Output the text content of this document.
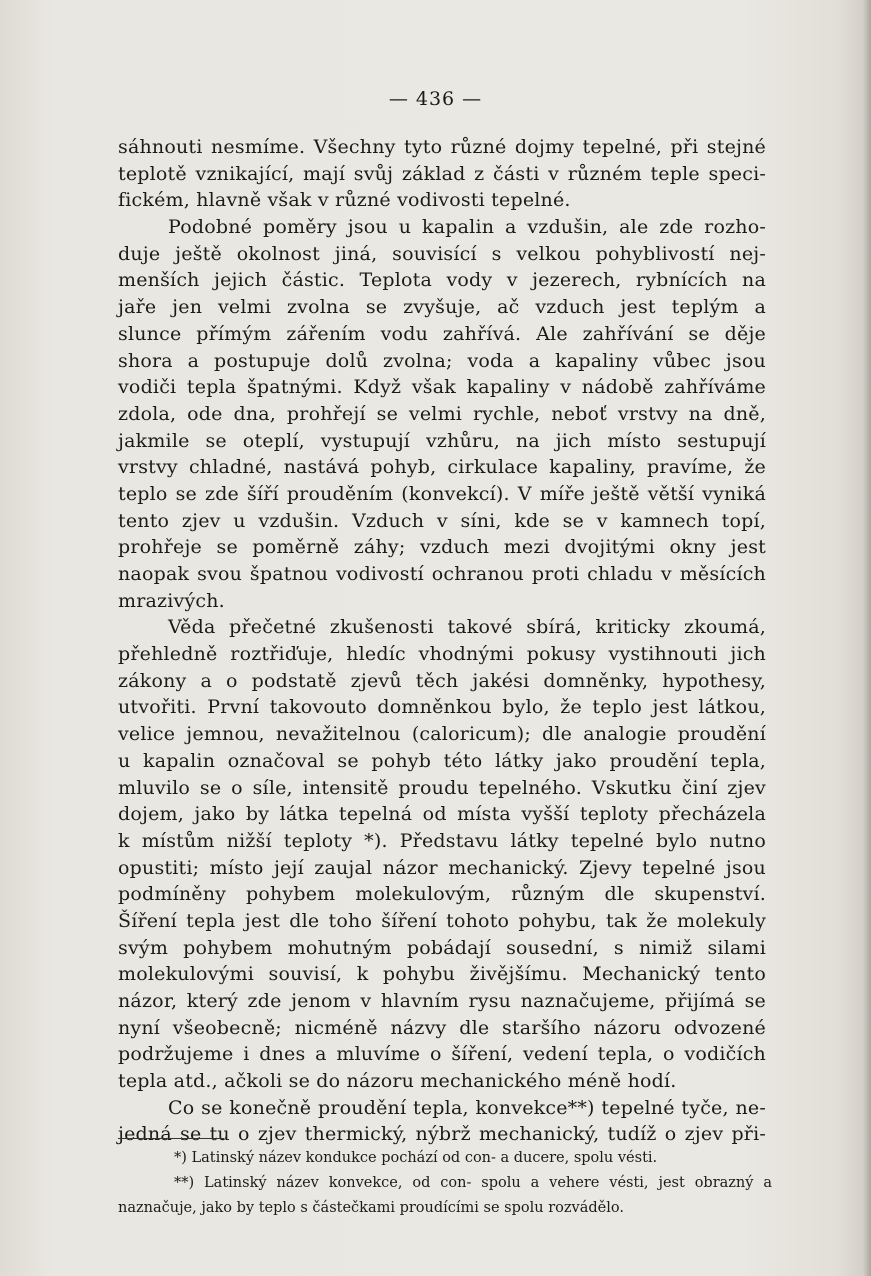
— 436 —
sáhnouti nesmíme. Všechny tyto různé dojmy tepelné, při stejné
teplotě vznikající, mají svůj základ z části v různém teple speci-
fickém, hlavně však v různé vodivosti tepelné.
Podobné poměry jsou u kapalin a vzdušin, ale zde rozho-
duje ještě okolnost jiná, souvisící s velkou pohyblivostí nej-
menších jejich částic. Teplota vody v jezerech, rybnících na
jaře jen velmi zvolna se zvyšuje, ač vzduch jest teplým a
slunce přímým zářením vodu zahřívá. Ale zahřívání se děje
shora a postupuje dolů zvolna; voda a kapaliny vůbec jsou
vodiči tepla špatnými. Když však kapaliny v nádobě zahříváme
zdola, ode dna, prohřejí se velmi rychle, neboť vrstvy na dně,
jakmile se oteplí, vystupují vzhůru, na jich místo sestupují
vrstvy chladné, nastává pohyb, cirkulace kapaliny, pravíme, že
teplo se zde šíří prouděním (konvekcí). V míře ještě větší vyniká
tento zjev u vzdušin. Vzduch v síni, kde se v kamnech topí,
prohřeje se poměrně záhy; vzduch mezi dvojitými okny jest
naopak svou špatnou vodivostí ochranou proti chladu v měsících
mrazivých.
Věda přečetné zkušenosti takové sbírá, kriticky zkoumá,
přehledně roztřiďuje, hledíc vhodnými pokusy vystihnouti jich
zákony a o podstatě zjevů těch jakési domněnky, hypothesy,
utvořiti. První takovouto domněnkou bylo, že teplo jest látkou,
velice jemnou, nevažitelnou (caloricum); dle analogie proudění
u kapalin označoval se pohyb této látky jako proudění tepla,
mluvilo se o síle, intensitě proudu tepelného. Vskutku činí zjev
dojem, jako by látka tepelná od místa vyšší teploty přecházela
k místům nižší teploty *). Představu látky tepelné bylo nutno
opustiti; místo její zaujal názor mechanický. Zjevy tepelné jsou
podmíněny pohybem molekulovým, různým dle skupenství.
Šíření tepla jest dle toho šíření tohoto pohybu, tak že molekuly
svým pohybem mohutným pobádají sousední, s nimiž silami
molekulovými souvisí, k pohybu živějšímu. Mechanický tento
názor, který zde jenom v hlavním rysu naznačujeme, přijímá se
nyní všeobecně; nicméně názvy dle staršího názoru odvozené
podržujeme i dnes a mluvíme o šíření, vedení tepla, o vodičích
tepla atd., ačkoli se do názoru mechanického méně hodí.
Co se konečně proudění tepla, konvekce**) tepelné tyče, ne-
jedná se tu o zjev thermický, nýbrž mechanický, tudíž o zjev při-
*) Latinský název kondukce pochází od con- a ducere, spolu vésti.
**) Latinský název konvekce, od con- spolu a vehere vésti, jest obrazný a
naznačuje, jako by teplo s částečkami proudícími se spolu rozváděl​o.
